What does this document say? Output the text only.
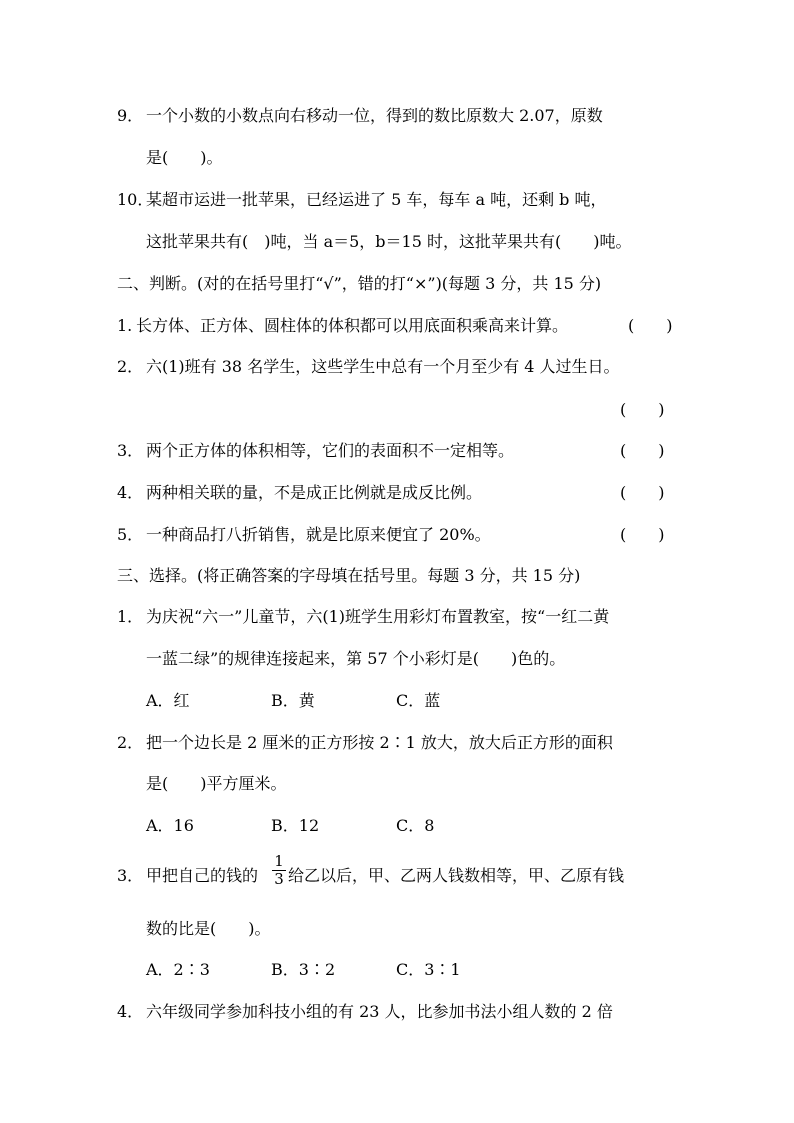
9． 一个小数的小数点向右移动一位，得到的数比原数大 2.07，原数
是(　　)。
10．
某超市运进一批苹果，已经运进了 5 车，每车 a 吨，还剩 b 吨，
这批苹果共有(　)吨，当 a＝5，b＝15 时，这批苹果共有(　　)吨。
二、判断。(对的在括号里打“√”，错的打“×”)(每题 3 分，共 15 分)
1. 长方体、正方体、圆柱体的体积都可以用底面积乘高来计算。	(　　)
2． 六(1)班有 38 名学生，这些学生中总有一个月至少有 4 人过生日。
(　　)
3． 两个正方体的体积相等，它们的表面积不一定相等。	(　　)
4． 两种相关联的量，不是成正比例就是成反比例。	(　　)
5． 一种商品打八折销售，就是比原来便宜了 20%。	(　　)
三、选择。(将正确答案的字母填在括号里。每题 3 分，共 15 分)
1． 为庆祝“六一”儿童节，六(1)班学生用彩灯布置教室，按“一红二黄
一蓝二绿”的规律连接起来，第 57 个小彩灯是(　　)色的。
A．红	B．黄	C．蓝
2． 把一个边长是 2 厘米的正方形按 2∶1 放大，放大后正方形的面积
是(　　)平方厘米。
A．16	B．12	C．8
3． 甲把自己的钱的
1
3 给乙以后，甲、乙两人钱数相等，甲、乙原有钱
数的比是(　　)。
A．2∶3	B．3∶2	C．3∶1
4． 六年级同学参加科技小组的有 23 人，比参加书法小组人数的 2 倍
